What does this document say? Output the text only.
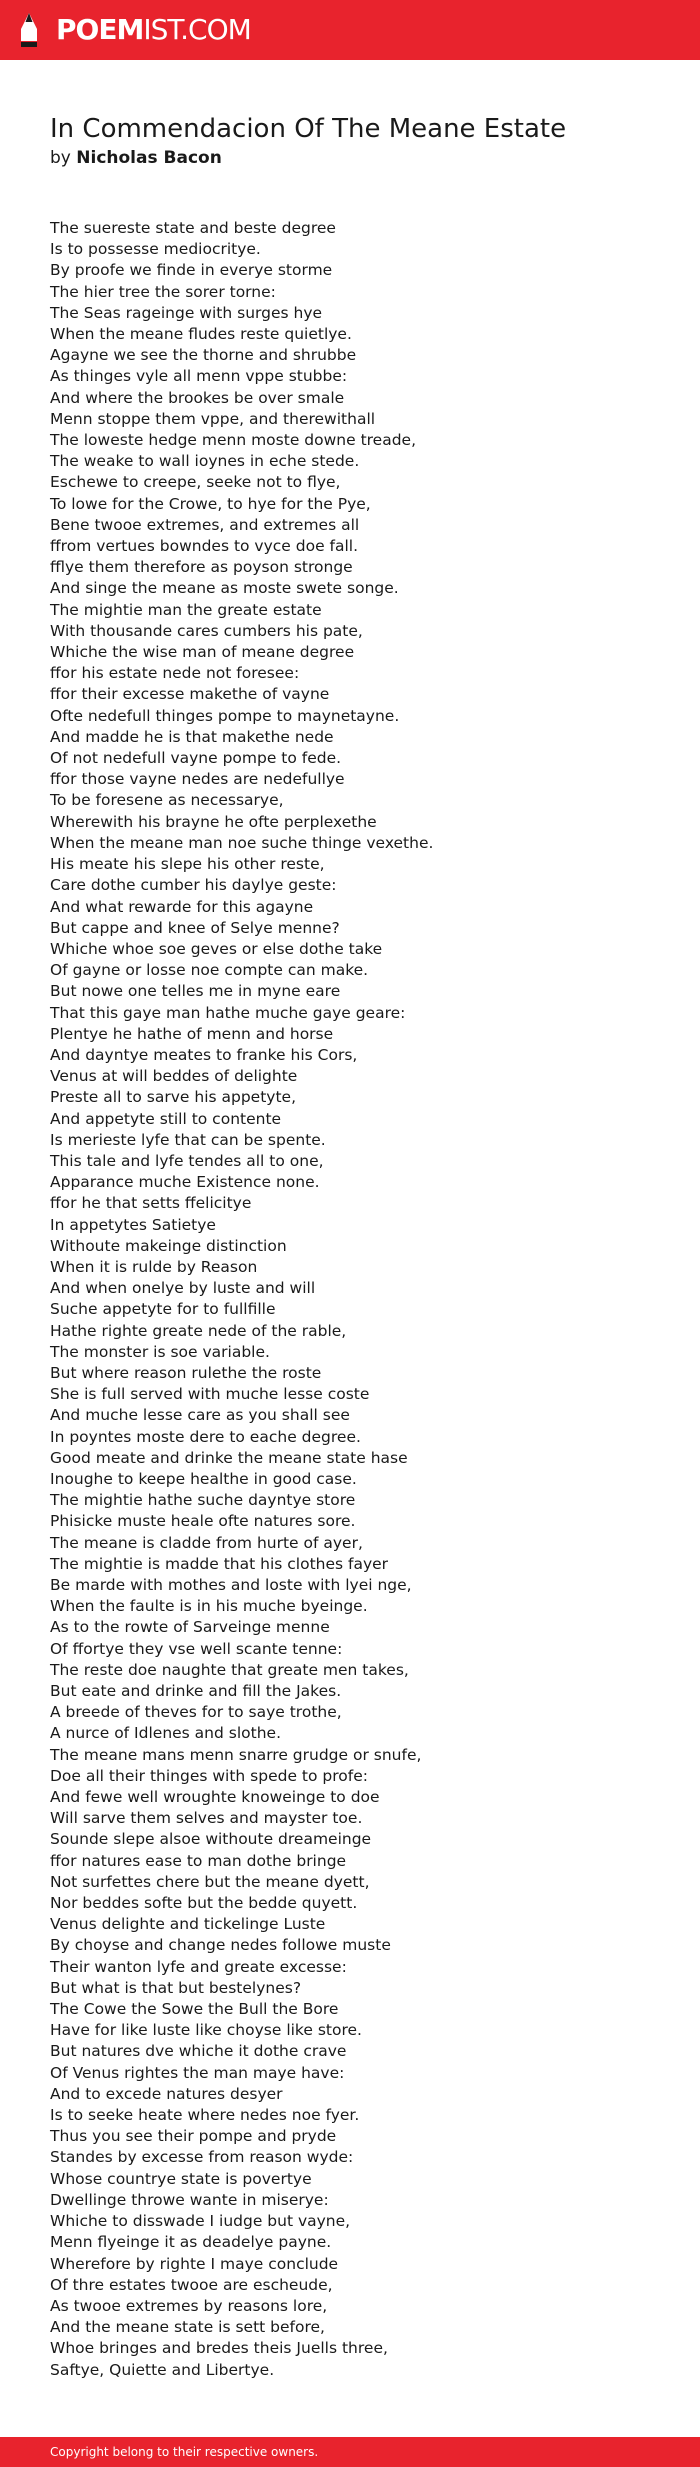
POEMIST.COM
In Commendacion Of The Meane Estate
by Nicholas Bacon
The suereste state and beste degree
Is to possesse mediocritye.
By proofe we finde in everye storme
The hier tree the sorer torne:
The Seas rageinge with surges hye
When the meane fludes reste quietlye.
Agayne we see the thorne and shrubbe
As thinges vyle all menn vppe stubbe:
And where the brookes be over smale
Menn stoppe them vppe, and therewithall
The loweste hedge menn moste downe treade,
The weake to wall ioynes in eche stede.
Eschewe to creepe, seeke not to flye,
To lowe for the Crowe, to hye for the Pye,
Bene twooe extremes, and extremes all
ffrom vertues bowndes to vyce doe fall.
fflye them therefore as poyson stronge
And singe the meane as moste swete songe.
The mightie man the greate estate
With thousande cares cumbers his pate,
Whiche the wise man of meane degree
ffor his estate nede not foresee:
ffor their excesse makethe of vayne
Ofte nedefull thinges pompe to maynetayne.
And madde he is that makethe nede
Of not nedefull vayne pompe to fede.
ffor those vayne nedes are nedefullye
To be foresene as necessarye,
Wherewith his brayne he ofte perplexethe
When the meane man noe suche thinge vexethe.
His meate his slepe his other reste,
Care dothe cumber his daylye geste:
And what rewarde for this agayne
But cappe and knee of Selye menne?
Whiche whoe soe geves or else dothe take
Of gayne or losse noe compte can make.
But nowe one telles me in myne eare
That this gaye man hathe muche gaye geare:
Plentye he hathe of menn and horse
And dayntye meates to franke his Cors,
Venus at will beddes of delighte
Preste all to sarve his appetyte,
And appetyte still to contente
Is merieste lyfe that can be spente.
This tale and lyfe tendes all to one,
Apparance muche Existence none.
ffor he that setts ffelicitye
In appetytes Satietye
Withoute makeinge distinction
When it is rulde by Reason
And when onelye by luste and will
Suche appetyte for to fullfille
Hathe righte greate nede of the rable,
The monster is soe variable.
But where reason rulethe the roste
She is full served with muche lesse coste
And muche lesse care as you shall see
In poyntes moste dere to eache degree.
Good meate and drinke the meane state hase
Inoughe to keepe healthe in good case.
The mightie hathe suche dayntye store
Phisicke muste heale ofte natures sore.
The meane is cladde from hurte of ayer,
The mightie is madde that his clothes fayer
Be marde with mothes and loste with lyei nge,
When the faulte is in his muche byeinge.
As to the rowte of Sarveinge menne
Of ffortye they vse well scante tenne:
The reste doe naughte that greate men takes,
But eate and drinke and fill the Jakes.
A breede of theves for to saye trothe,
A nurce of Idlenes and slothe.
The meane mans menn snarre grudge or snufe,
Doe all their thinges with spede to profe:
And fewe well wroughte knoweinge to doe
Will sarve them selves and mayster toe.
Sounde slepe alsoe withoute dreameinge
ffor natures ease to man dothe bringe
Not surfettes chere but the meane dyett,
Nor beddes softe but the bedde quyett.
Venus delighte and tickelinge Luste
By choyse and change nedes followe muste
Their wanton lyfe and greate excesse:
But what is that but bestelynes?
The Cowe the Sowe the Bull the Bore
Have for like luste like choyse like store.
But natures dve whiche it dothe crave
Of Venus rightes the man maye have:
And to excede natures desyer
Is to seeke heate where nedes noe fyer.
Thus you see their pompe and pryde
Standes by excesse from reason wyde:
Whose countrye state is povertye
Dwellinge throwe wante in miserye:
Whiche to disswade I iudge but vayne,
Menn flyeinge it as deadelye payne.
Wherefore by righte I maye conclude
Of thre estates twooe are escheude,
As twooe extremes by reasons lore,
And the meane state is sett before,
Whoe bringes and bredes theis Juells three,
Saftye, Quiette and Libertye.
Copyright belong to their respective owners.
